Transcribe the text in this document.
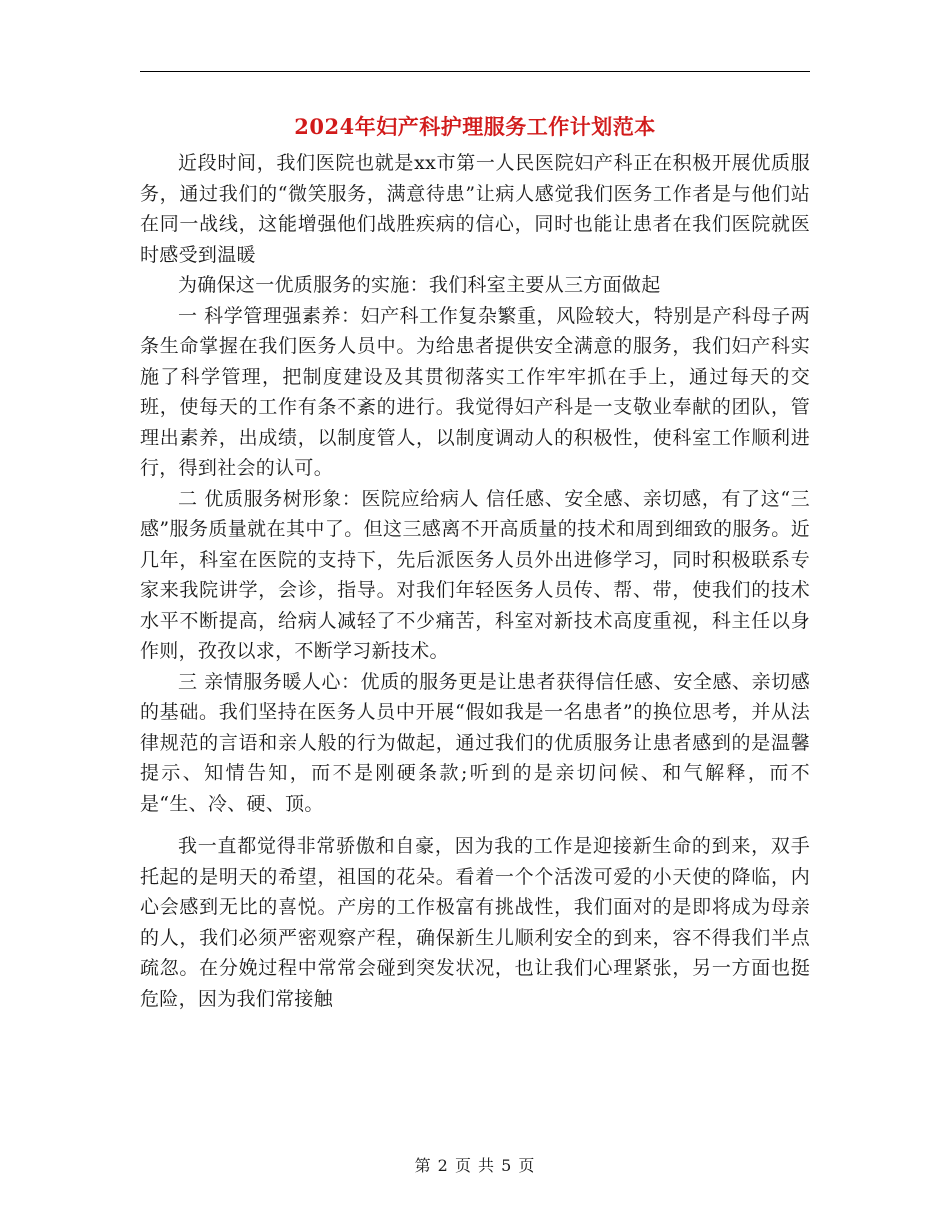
2024年妇产科护理服务工作计划范本

近段时间，我们医院也就是xx市第一人民医院妇产科正在积极开展优质服务，通过我们的“微笑服务，满意待患”让病人感觉我们医务工作者是与他们站在同一战线，这能增强他们战胜疾病的信心，同时也能让患者在我们医院就医时感受到温暖

为确保这一优质服务的实施：我们科室主要从三方面做起

一 科学管理强素养：妇产科工作复杂繁重，风险较大，特别是产科母子两条生命掌握在我们医务人员中。为给患者提供安全满意的服务，我们妇产科实施了科学管理，把制度建设及其贯彻落实工作牢牢抓在手上，通过每天的交班，使每天的工作有条不紊的进行。我觉得妇产科是一支敬业奉献的团队，管理出素养，出成绩，以制度管人，以制度调动人的积极性，使科室工作顺利进行，得到社会的认可。

二 优质服务树形象：医院应给病人 信任感、安全感、亲切感，有了这“三感”服务质量就在其中了。但这三感离不开高质量的技术和周到细致的服务。近几年，科室在医院的支持下，先后派医务人员外出进修学习，同时积极联系专家来我院讲学，会诊，指导。对我们年轻医务人员传、帮、带，使我们的技术水平不断提高，给病人减轻了不少痛苦，科室对新技术高度重视，科主任以身作则，孜孜以求，不断学习新技术。

三 亲情服务暖人心：优质的服务更是让患者获得信任感、安全感、亲切感的基础。我们坚持在医务人员中开展“假如我是一名患者”的换位思考，并从法律规范的言语和亲人般的行为做起，通过我们的优质服务让患者感到的是温馨提示、知情告知，而不是刚硬条款;听到的是亲切问候、和气解释，而不是“生、冷、硬、顶。

我一直都觉得非常骄傲和自豪，因为我的工作是迎接新生命的到来，双手托起的是明天的希望，祖国的花朵。看着一个个活泼可爱的小天使的降临，内心会感到无比的喜悦。产房的工作极富有挑战性，我们面对的是即将成为母亲的人，我们必须严密观察产程，确保新生儿顺利安全的到来，容不得我们半点疏忽。在分娩过程中常常会碰到突发状况，也让我们心理紧张，另一方面也挺危险，因为我们常接触

第 2 页 共 5 页
